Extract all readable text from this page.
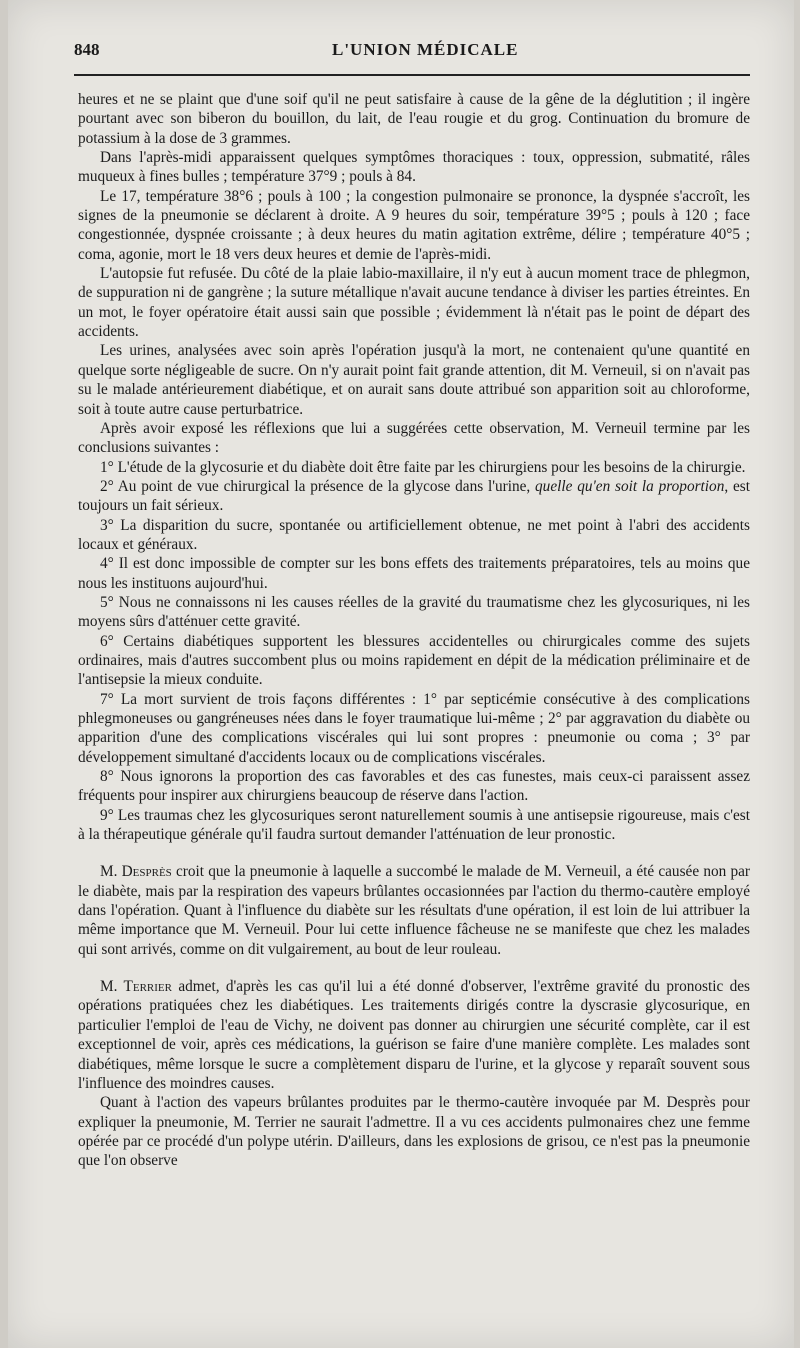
848	L'UNION MÉDICALE

heures et ne se plaint que d'une soif qu'il ne peut satisfaire à cause de la gêne de la déglutition ; il ingère pourtant avec son biberon du bouillon, du lait, de l'eau rougie et du grog. Continuation du bromure de potassium à la dose de 3 grammes.

Dans l'après-midi apparaissent quelques symptômes thoraciques : toux, oppression, submatité, râles muqueux à fines bulles ; température 37°9 ; pouls à 84.

Le 17, température 38°6 ; pouls à 100 ; la congestion pulmonaire se prononce, la dyspnée s'accroît, les signes de la pneumonie se déclarent à droite. A 9 heures du soir, température 39°5 ; pouls à 120 ; face congestionnée, dyspnée croissante ; à deux heures du matin agitation extrême, délire ; température 40°5 ; coma, agonie, mort le 18 vers deux heures et demie de l'après-midi.

L'autopsie fut refusée. Du côté de la plaie labio-maxillaire, il n'y eut à aucun moment trace de phlegmon, de suppuration ni de gangrène ; la suture métallique n'avait aucune tendance à diviser les parties étreintes. En un mot, le foyer opératoire était aussi sain que possible ; évidemment là n'était pas le point de départ des accidents.

Les urines, analysées avec soin après l'opération jusqu'à la mort, ne contenaient qu'une quantité en quelque sorte négligeable de sucre. On n'y aurait point fait grande attention, dit M. Verneuil, si on n'avait pas su le malade antérieurement diabétique, et on aurait sans doute attribué son apparition soit au chloroforme, soit à toute autre cause perturbatrice.

Après avoir exposé les réflexions que lui a suggérées cette observation, M. Verneuil termine par les conclusions suivantes :

1° L'étude de la glycosurie et du diabète doit être faite par les chirurgiens pour les besoins de la chirurgie.

2° Au point de vue chirurgical la présence de la glycose dans l'urine, quelle qu'en soit la proportion, est toujours un fait sérieux.

3° La disparition du sucre, spontanée ou artificiellement obtenue, ne met point à l'abri des accidents locaux et généraux.

4° Il est donc impossible de compter sur les bons effets des traitements préparatoires, tels au moins que nous les instituons aujourd'hui.

5° Nous ne connaissons ni les causes réelles de la gravité du traumatisme chez les glycosuriques, ni les moyens sûrs d'atténuer cette gravité.

6° Certains diabétiques supportent les blessures accidentelles ou chirurgicales comme des sujets ordinaires, mais d'autres succombent plus ou moins rapidement en dépit de la médication préliminaire et de l'antisepsie la mieux conduite.

7° La mort survient de trois façons différentes : 1° par septicémie consécutive à des complications phlegmoneuses ou gangréneuses nées dans le foyer traumatique lui-même ; 2° par aggravation du diabète ou apparition d'une des complications viscérales qui lui sont propres : pneumonie ou coma ; 3° par développement simultané d'accidents locaux ou de complications viscérales.

8° Nous ignorons la proportion des cas favorables et des cas funestes, mais ceux-ci paraissent assez fréquents pour inspirer aux chirurgiens beaucoup de réserve dans l'action.

9° Les traumas chez les glycosuriques seront naturellement soumis à une antisepsie rigoureuse, mais c'est à la thérapeutique générale qu'il faudra surtout demander l'atténuation de leur pronostic.

M. Desprès croit que la pneumonie à laquelle a succombé le malade de M. Verneuil, a été causée non par le diabète, mais par la respiration des vapeurs brûlantes occasionnées par l'action du thermo-cautère employé dans l'opération. Quant à l'influence du diabète sur les résultats d'une opération, il est loin de lui attribuer la même importance que M. Verneuil. Pour lui cette influence fâcheuse ne se manifeste que chez les malades qui sont arrivés, comme on dit vulgairement, au bout de leur rouleau.

M. Terrier admet, d'après les cas qu'il lui a été donné d'observer, l'extrême gravité du pronostic des opérations pratiquées chez les diabétiques. Les traitements dirigés contre la dyscrasie glycosurique, en particulier l'emploi de l'eau de Vichy, ne doivent pas donner au chirurgien une sécurité complète, car il est exceptionnel de voir, après ces médications, la guérison se faire d'une manière complète. Les malades sont diabétiques, même lorsque le sucre a complètement disparu de l'urine, et la glycose y reparaît souvent sous l'influence des moindres causes.

Quant à l'action des vapeurs brûlantes produites par le thermo-cautère invoquée par M. Desprès pour expliquer la pneumonie, M. Terrier ne saurait l'admettre. Il a vu ces accidents pulmonaires chez une femme opérée par ce procédé d'un polype utérin. D'ailleurs, dans les explosions de grisou, ce n'est pas la pneumonie que l'on observe
